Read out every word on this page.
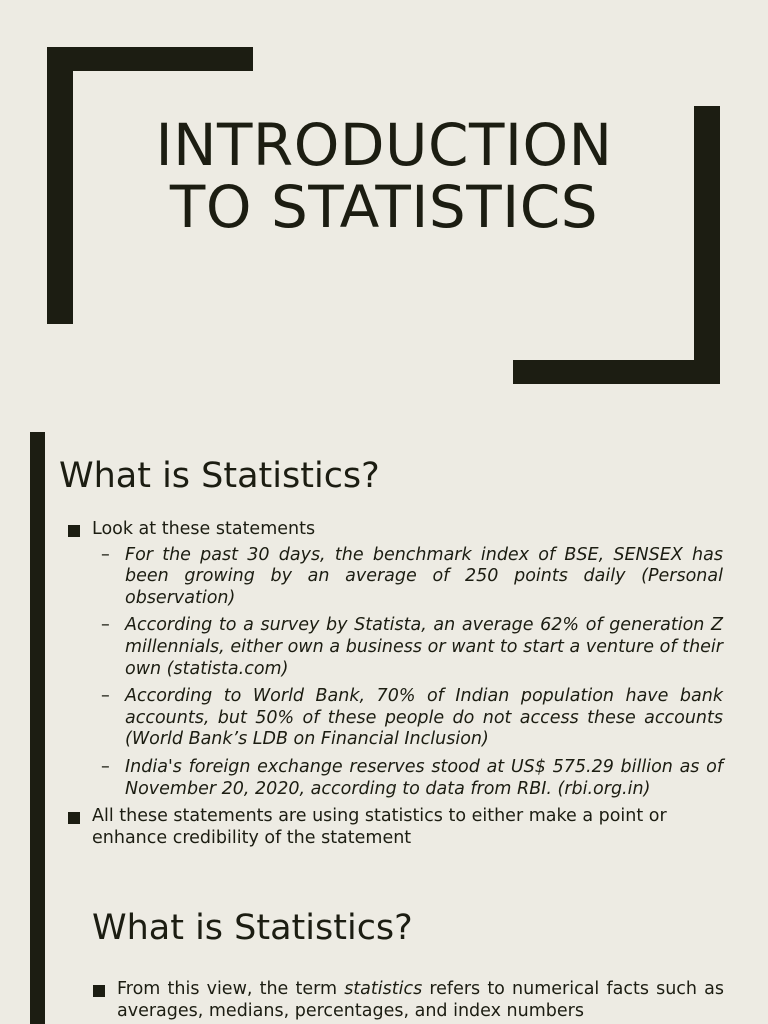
INTRODUCTION
TO STATISTICS
What is Statistics?
Look at these statements
– For the past 30 days, the benchmark index of BSE, SENSEX has been growing by an average of 250 points daily (Personal observation)
– According to a survey by Statista, an average 62% of generation Z millennials, either own a business or want to start a venture of their own (statista.com)
– According to World Bank, 70% of Indian population have bank accounts, but 50% of these people do not access these accounts (World Bank’s LDB on Financial Inclusion)
– India's foreign exchange reserves stood at US$ 575.29 billion as of November 20, 2020, according to data from RBI. (rbi.org.in)
All these statements are using statistics to either make a point or enhance credibility of the statement
What is Statistics?
From this view, the term statistics refers to numerical facts such as averages, medians, percentages, and index numbers
